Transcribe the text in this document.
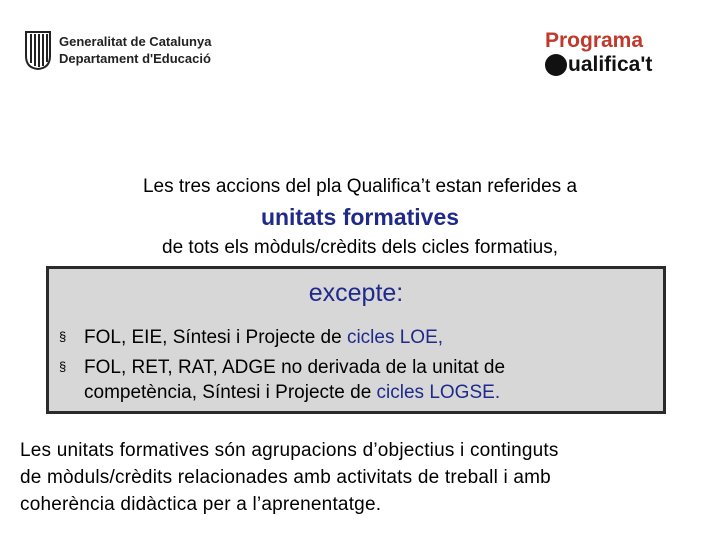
Generalitat de Catalunya
Departament d'Educació
Programa
ualifica't
Les tres accions del pla Qualifica’t estan referides a
unitats formatives
de tots els mòduls/crèdits dels cicles formatius,
excepte:
§ FOL, EIE, Síntesi i Projecte de cicles LOE,
§ FOL, RET, RAT, ADGE no derivada de la unitat de
competència, Síntesi i Projecte de cicles LOGSE.
Les unitats formatives són agrupacions d’objectius i continguts
de mòduls/crèdits relacionades amb activitats de treball i amb
coherència didàctica per a l’aprenentatge.
